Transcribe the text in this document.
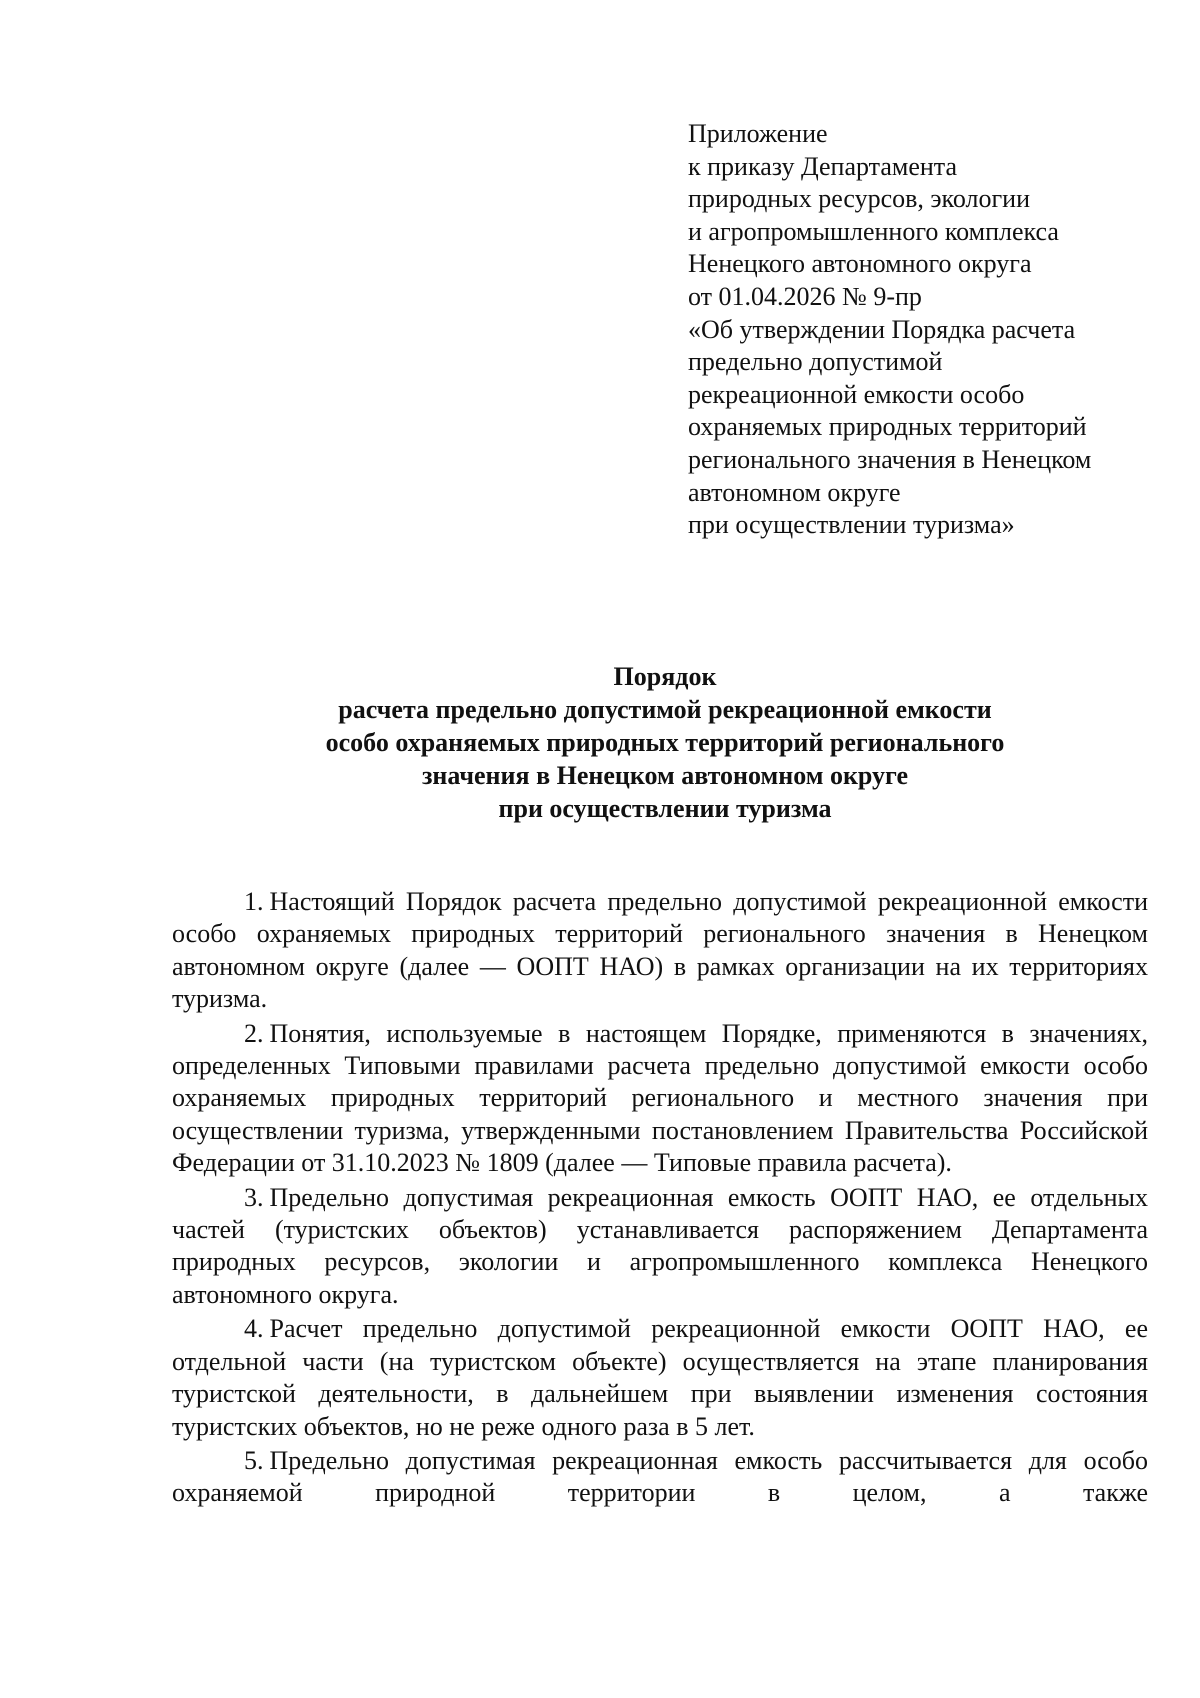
Приложение
к приказу Департамента
природных ресурсов, экологии
и агропромышленного комплекса
Ненецкого автономного округа
от 01.04.2026 № 9-пр
«Об утверждении Порядка расчета
предельно допустимой
рекреационной емкости особо
охраняемых природных территорий
регионального значения в Ненецком
автономном округе
при осуществлении туризма»
Порядок
расчета предельно допустимой рекреационной емкости
особо охраняемых природных территорий регионального
значения в Ненецком автономном округе
при осуществлении туризма

1. Настоящий Порядок расчета предельно допустимой рекреационной емкости особо охраняемых природных территорий регионального значения в Ненецком автономном округе (далее — ООПТ НАО) в рамках организации на их территориях туризма.

2. Понятия, используемые в настоящем Порядке, применяются в значениях, определенных Типовыми правилами расчета предельно допустимой емкости особо охраняемых природных территорий регионального и местного значения при осуществлении туризма, утвержденными постановлением Правительства Российской Федерации от 31.10.2023 № 1809 (далее — Типовые правила расчета).

3. Предельно допустимая рекреационная емкость ООПТ НАО, ее отдельных частей (туристских объектов) устанавливается распоряжением Департамента природных ресурсов, экологии и агропромышленного комплекса Ненецкого автономного округа.

4. Расчет предельно допустимой рекреационной емкости ООПТ НАО, ее отдельной части (на туристском объекте) осуществляется на этапе планирования туристской деятельности, в дальнейшем при выявлении изменения состояния туристских объектов, но не реже одного раза в 5 лет.

5. Предельно допустимая рекреационная емкость рассчитывается для особо охраняемой природной территории в целом, а также
